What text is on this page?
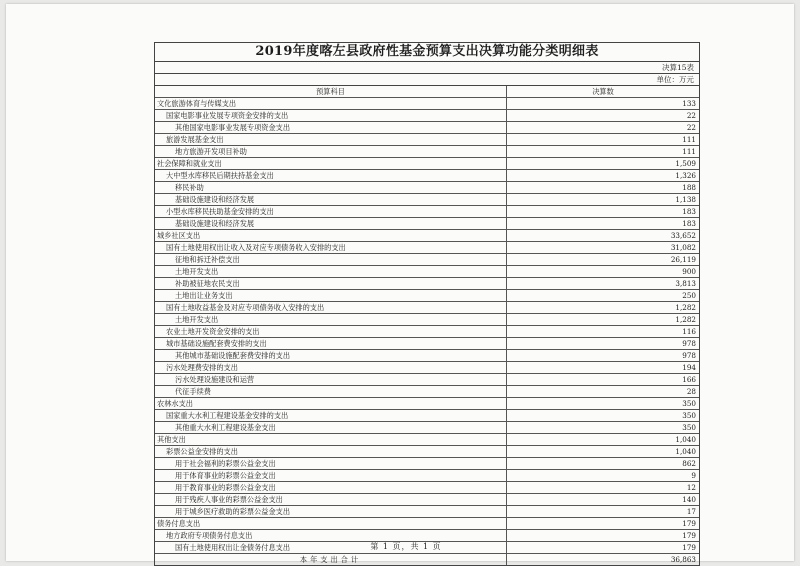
2019年度喀左县政府性基金预算支出决算功能分类明细表
决算15表
单位：万元
预算科目	决算数
文化旅游体育与传媒支出	133
国家电影事业发展专项资金安排的支出	22
其他国家电影事业发展专项资金支出	22
旅游发展基金支出	111
地方旅游开发项目补助	111
社会保障和就业支出	1,509
大中型水库移民后期扶持基金支出	1,326
移民补助	188
基础设施建设和经济发展	1,138
小型水库移民扶助基金安排的支出	183
基础设施建设和经济发展	183
城乡社区支出	33,652
国有土地使用权出让收入及对应专项债务收入安排的支出	31,082
征地和拆迁补偿支出	26,119
土地开发支出	900
补助被征地农民支出	3,813
土地出让业务支出	250
国有土地收益基金及对应专项债务收入安排的支出	1,282
土地开发支出	1,282
农业土地开发资金安排的支出	116
城市基础设施配套费安排的支出	978
其他城市基础设施配套费安排的支出	978
污水处理费安排的支出	194
污水处理设施建设和运营	166
代征手续费	28
农林水支出	350
国家重大水利工程建设基金安排的支出	350
其他重大水利工程建设基金支出	350
其他支出	1,040
彩票公益金安排的支出	1,040
用于社会福利的彩票公益金支出	862
用于体育事业的彩票公益金支出	9
用于教育事业的彩票公益金支出	12
用于残疾人事业的彩票公益金支出	140
用于城乡医疗救助的彩票公益金支出	17
债务付息支出	179
地方政府专项债务付息支出	179
国有土地使用权出让金债务付息支出	179
本年支出合计	36,863
第 1 页，共 1 页
